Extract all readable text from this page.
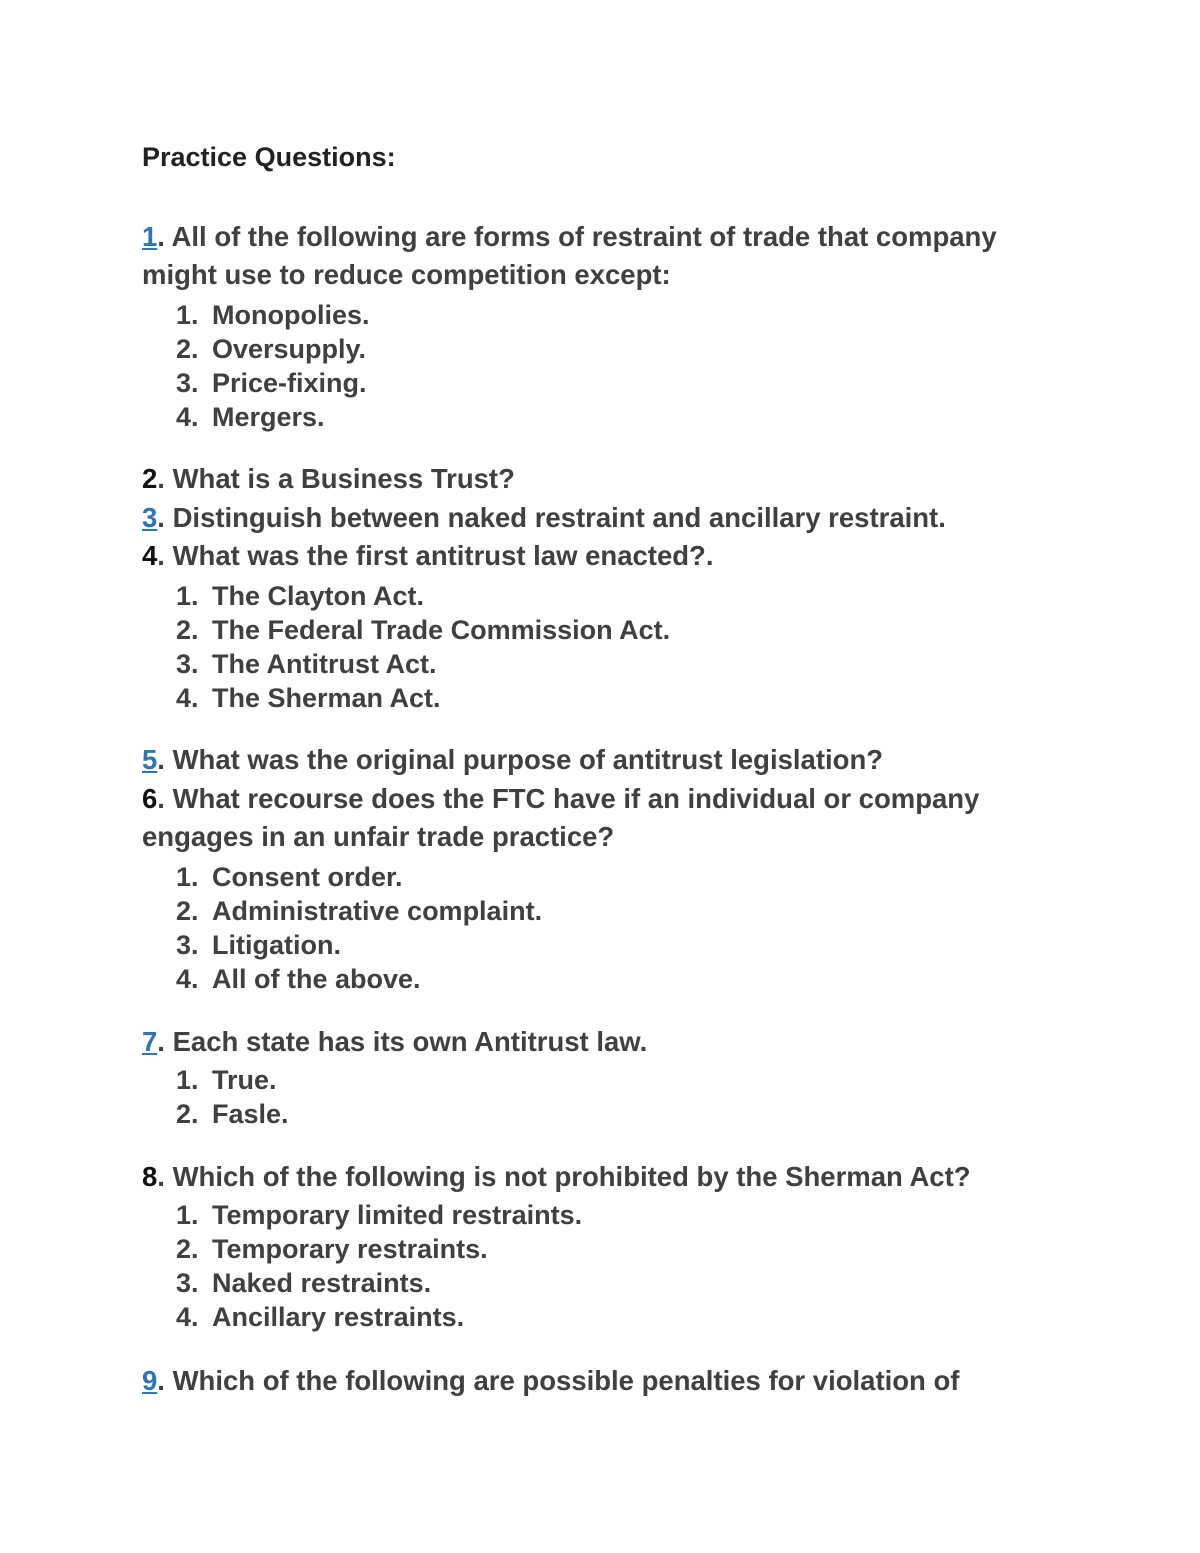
Practice Questions:

1. All of the following are forms of restraint of trade that company

might use to reduce competition except:

1. Monopolies.
2. Oversupply.
3. Price-fixing.
4. Mergers.

2. What is a Business Trust?

3. Distinguish between naked restraint and ancillary restraint.

4. What was the first antitrust law enacted?.

1. The Clayton Act.
2. The Federal Trade Commission Act.
3. The Antitrust Act.
4. The Sherman Act.

5. What was the original purpose of antitrust legislation?

6. What recourse does the FTC have if an individual or company

engages in an unfair trade practice?

1. Consent order.
2. Administrative complaint.
3. Litigation.
4. All of the above.

7. Each state has its own Antitrust law.

1. True.
2. Fasle.

8. Which of the following is not prohibited by the Sherman Act?

1. Temporary limited restraints.
2. Temporary restraints.
3. Naked restraints.
4. Ancillary restraints.

9. Which of the following are possible penalties for violation of
